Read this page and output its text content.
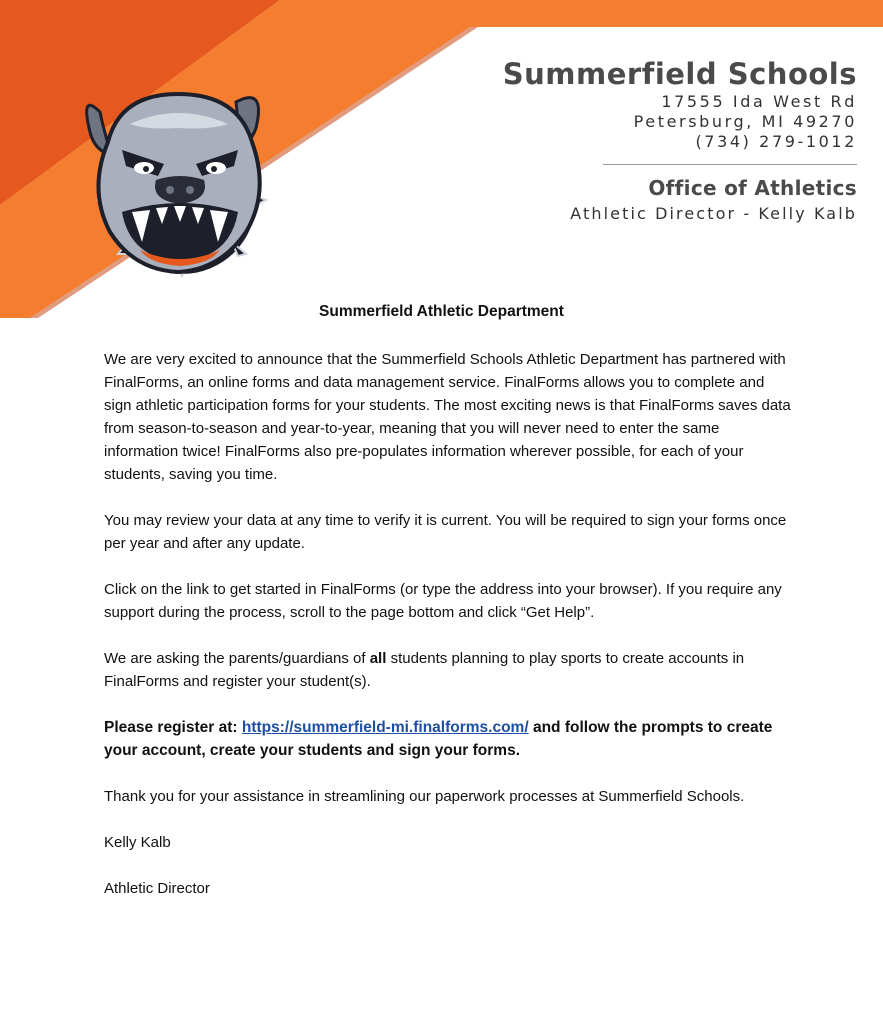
Summerfield Schools
17555 Ida West Rd
Petersburg, MI 49270
(734) 279-1012
Office of Athletics
Athletic Director - Kelly Kalb
Summerfield Athletic Department

We are very excited to announce that the Summerfield Schools Athletic Department has partnered with FinalForms, an online forms and data management service. FinalForms allows you to complete and sign athletic participation forms for your students. The most exciting news is that FinalForms saves data from season-to-season and year-to-year, meaning that you will never need to enter the same information twice! FinalForms also pre-populates information wherever possible, for each of your students, saving you time.

You may review your data at any time to verify it is current. You will be required to sign your forms once per year and after any update.

Click on the link to get started in FinalForms (or type the address into your browser). If you require any support during the process, scroll to the page bottom and click “Get Help”.

We are asking the parents/guardians of all students planning to play sports to create accounts in FinalForms and register your student(s).

Please register at: https://summerfield-mi.finalforms.com/ and follow the prompts to create your account, create your students and sign your forms.

Thank you for your assistance in streamlining our paperwork processes at Summerfield Schools.

Kelly Kalb

Athletic Director
